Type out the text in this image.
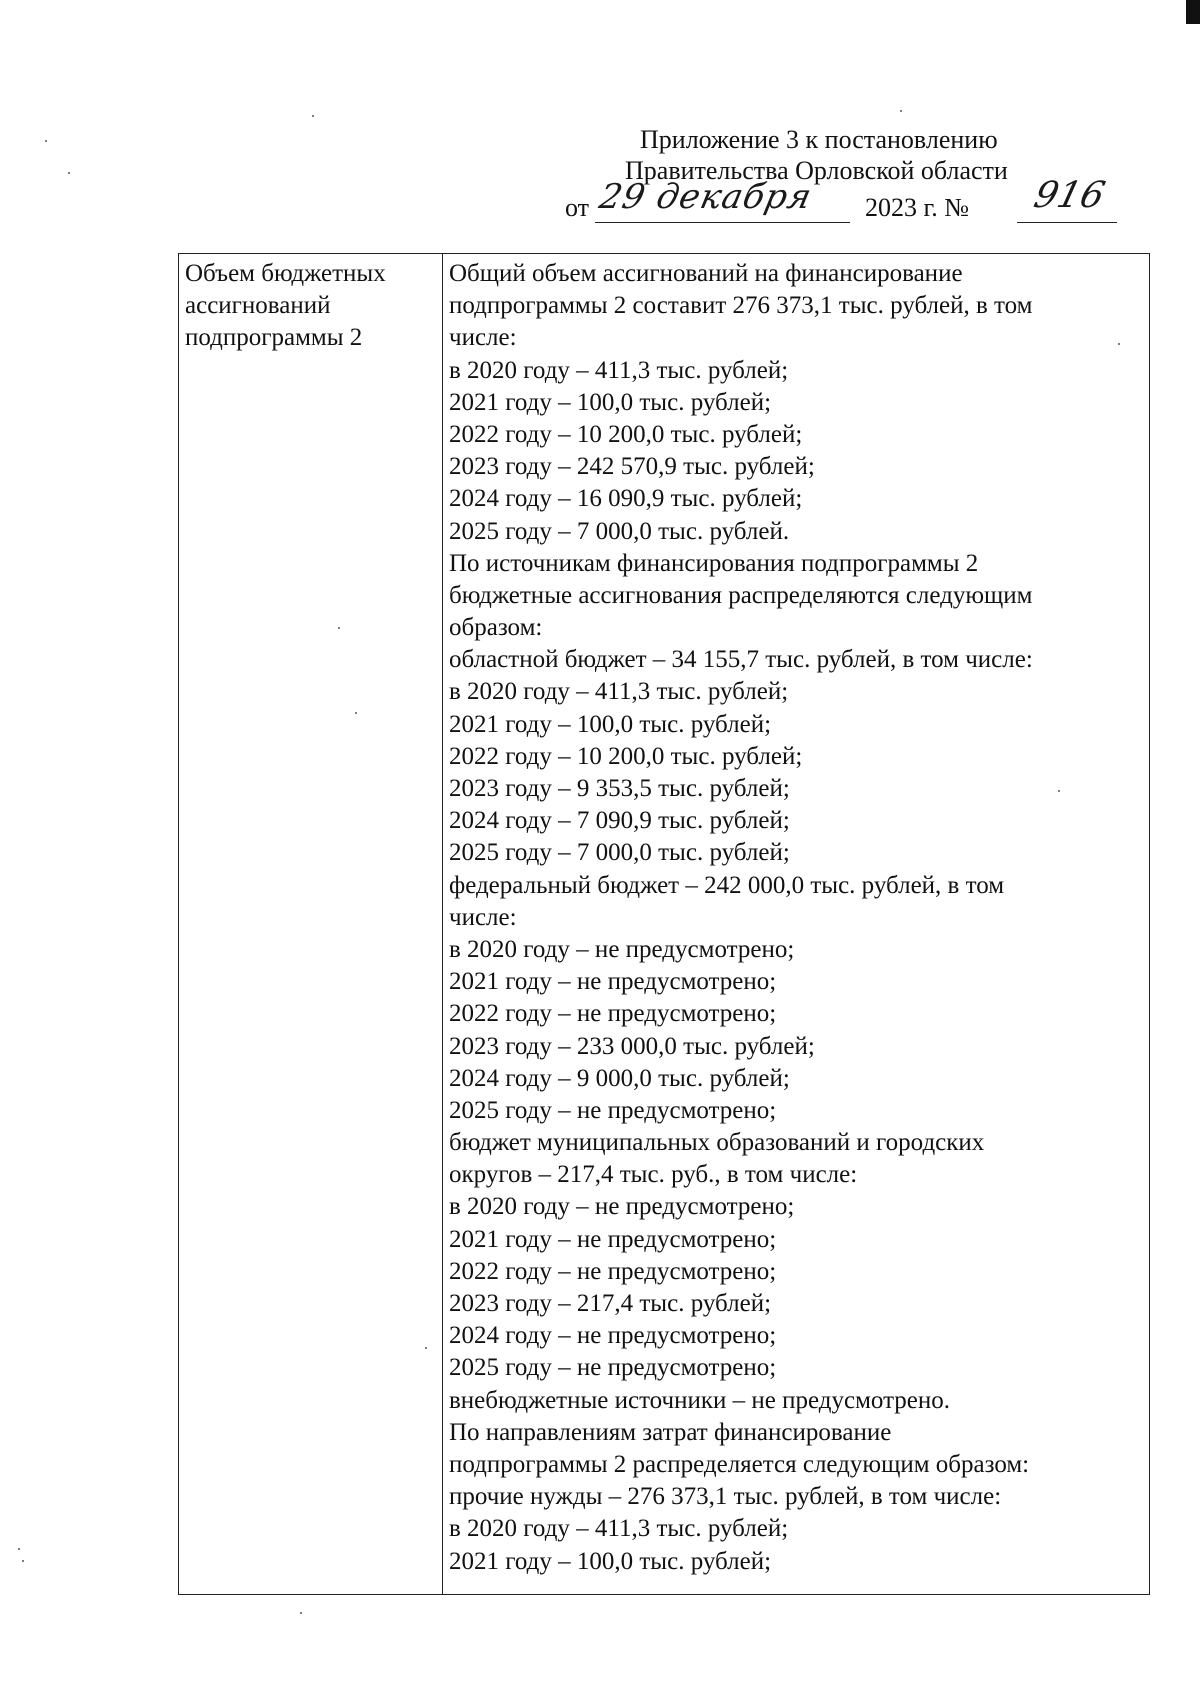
Приложение 3 к постановлению
Правительства Орловской области
от 29 декабря 2023 г. № 916
Объем бюджетных
ассигнований
подпрограммы 2
Общий объем ассигнований на финансирование
подпрограммы 2 составит 276 373,1 тыс. рублей, в том
числе:
в 2020 году – 411,3 тыс. рублей;
2021 году – 100,0 тыс. рублей;
2022 году – 10 200,0 тыс. рублей;
2023 году – 242 570,9 тыс. рублей;
2024 году – 16 090,9 тыс. рублей;
2025 году – 7 000,0 тыс. рублей.
По источникам финансирования подпрограммы 2
бюджетные ассигнования распределяются следующим
образом:
областной бюджет – 34 155,7 тыс. рублей, в том числе:
в 2020 году – 411,3 тыс. рублей;
2021 году – 100,0 тыс. рублей;
2022 году – 10 200,0 тыс. рублей;
2023 году – 9 353,5 тыс. рублей;
2024 году – 7 090,9 тыс. рублей;
2025 году – 7 000,0 тыс. рублей;
федеральный бюджет – 242 000,0 тыс. рублей, в том
числе:
в 2020 году – не предусмотрено;
2021 году – не предусмотрено;
2022 году – не предусмотрено;
2023 году – 233 000,0 тыс. рублей;
2024 году – 9 000,0 тыс. рублей;
2025 году – не предусмотрено;
бюджет муниципальных образований и городских
округов – 217,4 тыс. руб., в том числе:
в 2020 году – не предусмотрено;
2021 году – не предусмотрено;
2022 году – не предусмотрено;
2023 году – 217,4 тыс. рублей;
2024 году – не предусмотрено;
2025 году – не предусмотрено;
внебюджетные источники – не предусмотрено.
По направлениям затрат финансирование
подпрограммы 2 распределяется следующим образом:
прочие нужды – 276 373,1 тыс. рублей, в том числе:
в 2020 году – 411,3 тыс. рублей;
2021 году – 100,0 тыс. рублей;
